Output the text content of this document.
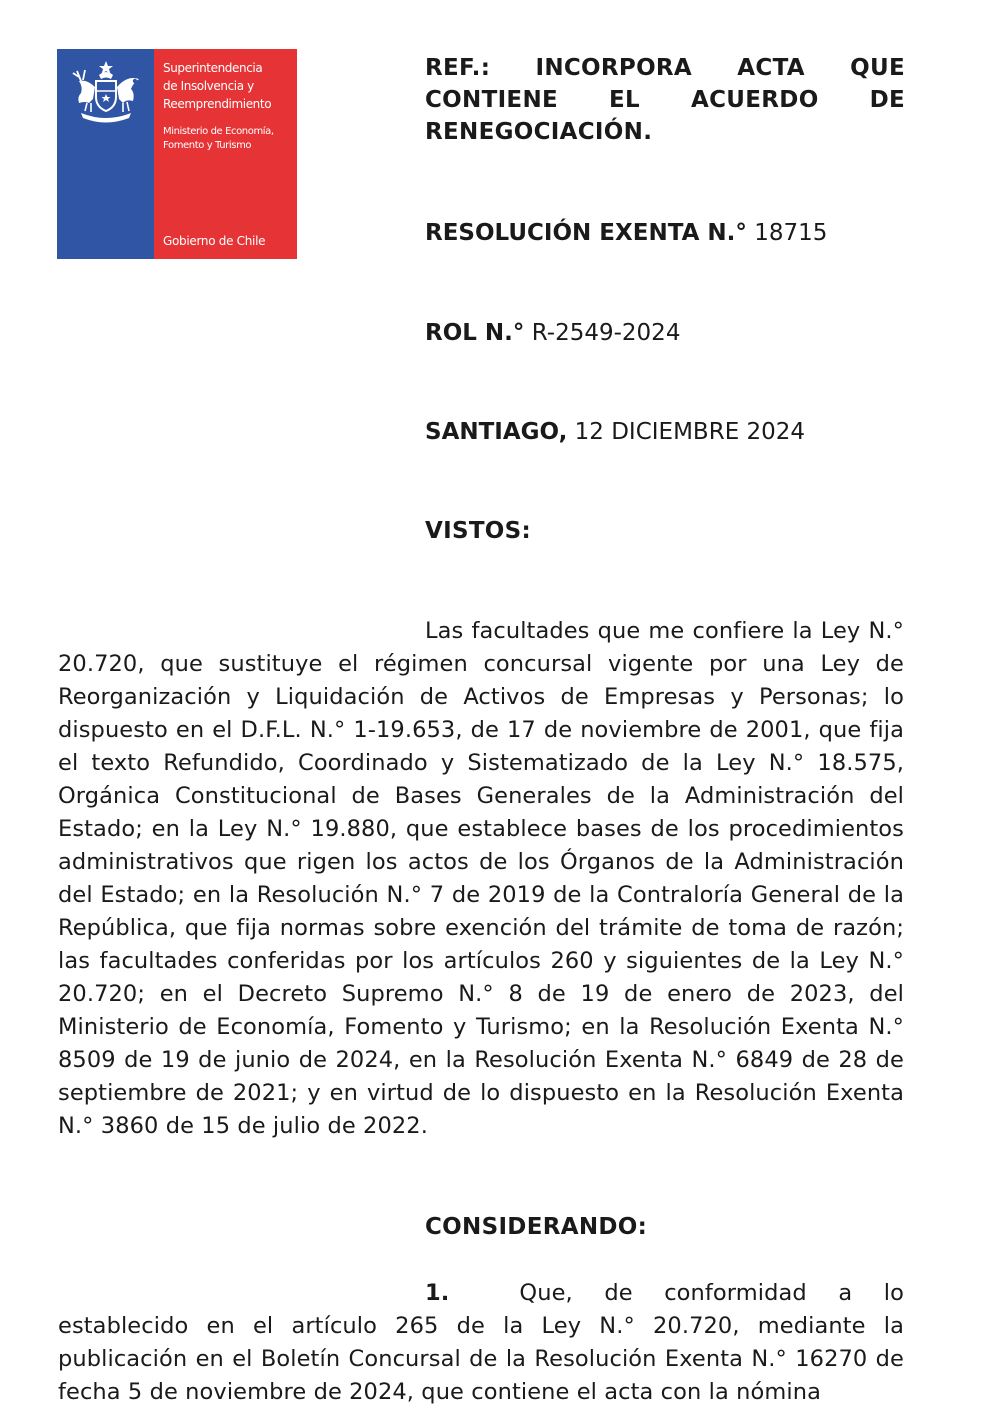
Superintendencia
de Insolvencia y
Reemprendimiento
Ministerio de Economía,
Fomento y Turismo
Gobierno de Chile
REF.: INCORPORA ACTA QUE CONTIENE EL ACUERDO DE RENEGOCIACIÓN.
RESOLUCIÓN EXENTA N.° 18715
ROL N.° R-2549-2024
SANTIAGO, 12 DICIEMBRE 2024
VISTOS:
Las facultades que me confiere la Ley N.° 20.720, que sustituye el régimen concursal vigente por una Ley de Reorganización y Liquidación de Activos de Empresas y Personas; lo dispuesto en el D.F.L. N.° 1-19.653, de 17 de noviembre de 2001, que fija el texto Refundido, Coordinado y Sistematizado de la Ley N.° 18.575, Orgánica Constitucional de Bases Generales de la Administración del Estado; en la Ley N.° 19.880, que establece bases de los procedimientos administrativos que rigen los actos de los Órganos de la Administración del Estado; en la Resolución N.° 7 de 2019 de la Contraloría General de la República, que fija normas sobre exención del trámite de toma de razón; las facultades conferidas por los artículos 260 y siguientes de la Ley N.° 20.720; en el Decreto Supremo N.° 8 de 19 de enero de 2023, del Ministerio de Economía, Fomento y Turismo; en la Resolución Exenta N.° 8509 de 19 de junio de 2024, en la Resolución Exenta N.° 6849 de 28 de septiembre de 2021; y en virtud de lo dispuesto en la Resolución Exenta N.° 3860 de 15 de julio de 2022.
CONSIDERANDO:
1.	Que, de conformidad a lo establecido en el artículo 265 de la Ley N.° 20.720, mediante la publicación en el Boletín Concursal de la Resolución Exenta N.° 16270 de fecha 5 de noviembre de 2024, que contiene el acta con la nómina
